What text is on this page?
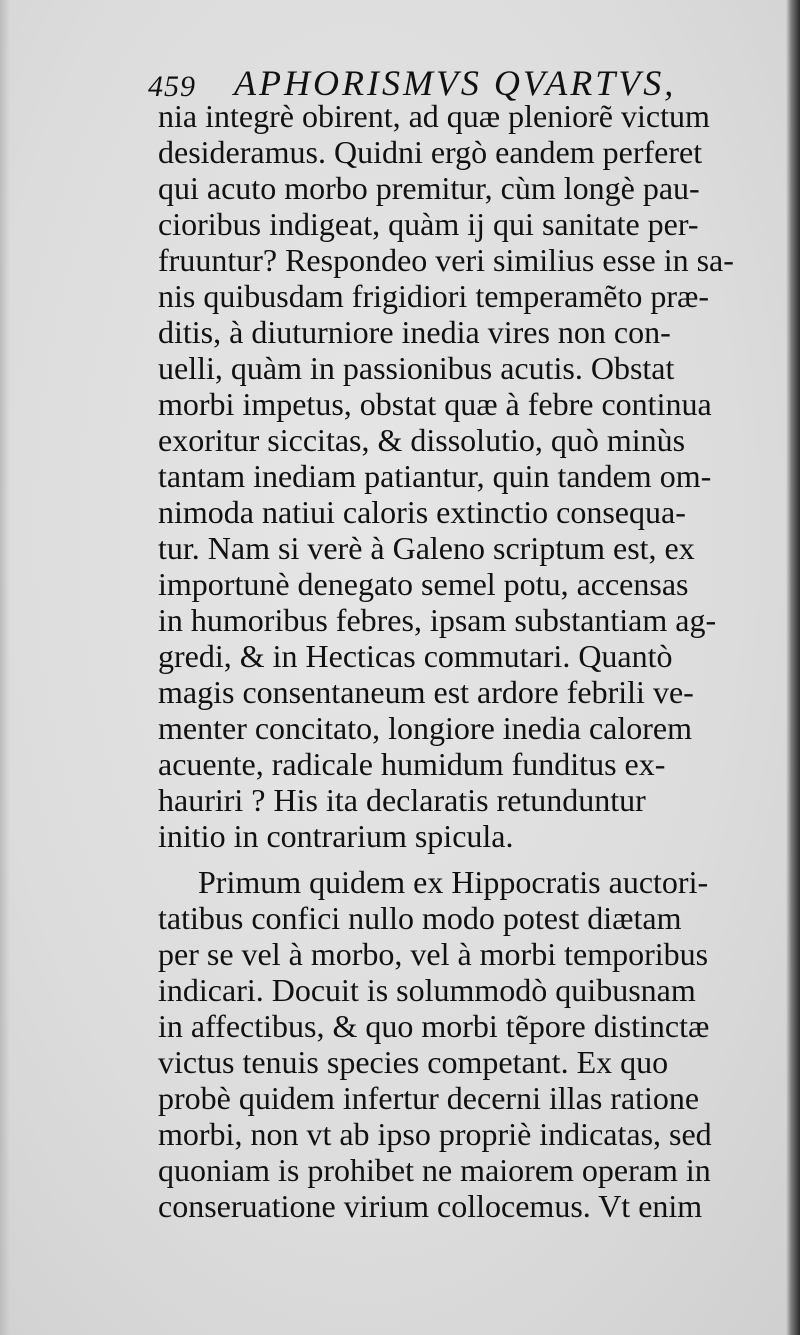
459 APHORISMVS QVARTVS,
nia integrè obirent, ad quæ pleniorẽ victum
desideramus. Quidni ergò eandem perferet
qui acuto morbo premitur, cùm longè pau-
cioribus indigeat, quàm ij qui sanitate per-
fruuntur? Respondeo veri similius esse in sa-
nis quibusdam frigidiori temperamẽto præ-
ditis, à diuturniore inedia vires non con-
uelli, quàm in passionibus acutis. Obstat
morbi impetus, obstat quæ à febre continua
exoritur siccitas, & dissolutio, quò minùs
tantam inediam patiantur, quin tandem om-
nimoda natiui caloris extinctio consequa-
tur. Nam si verè à Galeno scriptum est, ex
importunè denegato semel potu, accensas
in humoribus febres, ipsam substantiam ag-
gredi, & in Hecticas commutari. Quantò
magis consentaneum est ardore febrili ve-
menter concitato, longiore inedia calorem
acuente, radicale humidum funditus ex-
hauriri ? His ita declaratis retunduntur
initio in contrarium spicula.
Primum quidem ex Hippocratis auctori-
tatibus confici nullo modo potest diætam
per se vel à morbo, vel à morbi temporibus
indicari. Docuit is solummodò quibusnam
in affectibus, & quo morbi tẽpore distinctæ
victus tenuis species competant. Ex quo
probè quidem infertur decerni illas ratione
morbi, non vt ab ipso propriè indicatas, sed
quoniam is prohibet ne maiorem operam in
conseruatione virium collocemus. Vt enim
